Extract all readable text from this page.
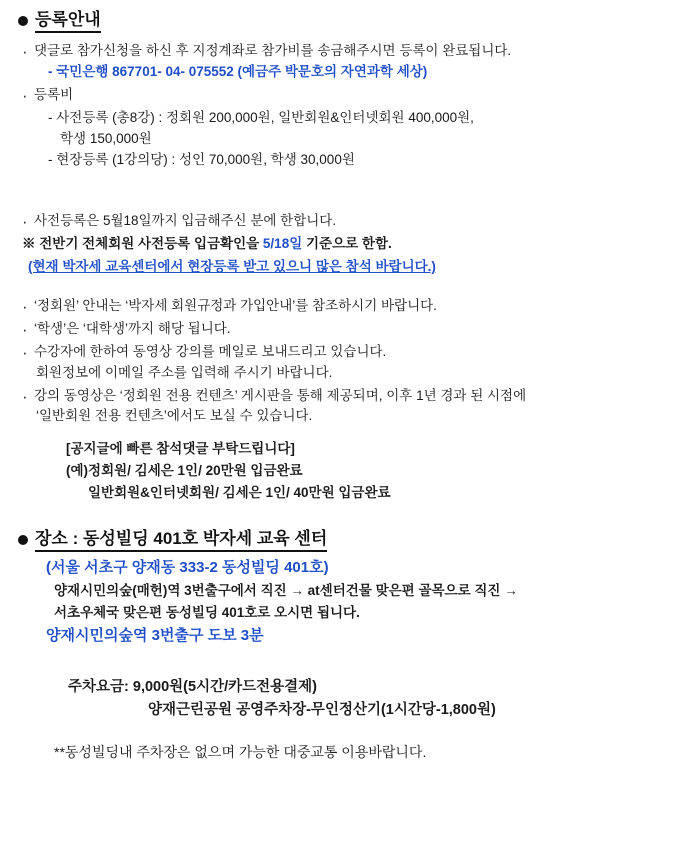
등록안내
· 댓글로 참가신청을 하신 후 지정계좌로 참가비를 송금해주시면 등록이 완료됩니다.
- 국민은행 867701- 04- 075552 (예금주 박문호의 자연과학 세상)
· 등록비
- 사전등록 (총8강) : 정회원 200,000원, 일반회원&인터넷회원 400,000원,
학생 150,000원
- 현장등록 (1강의당) : 성인 70,000원, 학생 30,000원
· 사전등록은 5월18일까지 입금해주신 분에 한합니다.
※ 전반기 전체회원 사전등록 입금확인을 5/18일 기준으로 한함.
(현재 박자세 교육센터에서 현장등록 받고 있으니 많은 참석 바랍니다.)
· ‘정회원’ 안내는 ‘박자세 회원규정과 가입안내’를 참조하시기 바랍니다.
· ‘학생’은 ‘대학생’까지 해당 됩니다.
· 수강자에 한하여 동영상 강의를 메일로 보내드리고 있습니다.
회원정보에 이메일 주소를 입력해 주시기 바랍니다.
· 강의 동영상은 ‘정회원 전용 컨텐츠’ 게시판을 통해 제공되며, 이후 1년 경과 된 시점에
‘일반회원 전용 컨텐츠’에서도 보실 수 있습니다.
[공지글에 빠른 참석댓글 부탁드립니다]
(예)정회원/ 김세은 1인/ 20만원 입금완료
일반회원&인터넷회원/ 김세은 1인/ 40만원 입금완료
장소 : 동성빌딩 401호 박자세 교육 센터
(서울 서초구 양재동 333-2 동성빌딩 401호)
양재시민의숲(매헌)역 3번출구에서 직진 → at센터건물 맞은편 골목으로 직진 →
서초우체국 맞은편 동성빌딩 401호로 오시면 됩니다.
양재시민의숲역 3번출구 도보 3분
주차요금: 9,000원(5시간/카드전용결제)
양재근린공원 공영주차장-무인정산기(1시간당-1,800원)
**동성빌딩내 주차장은 없으며 가능한 대중교통 이용바랍니다.
